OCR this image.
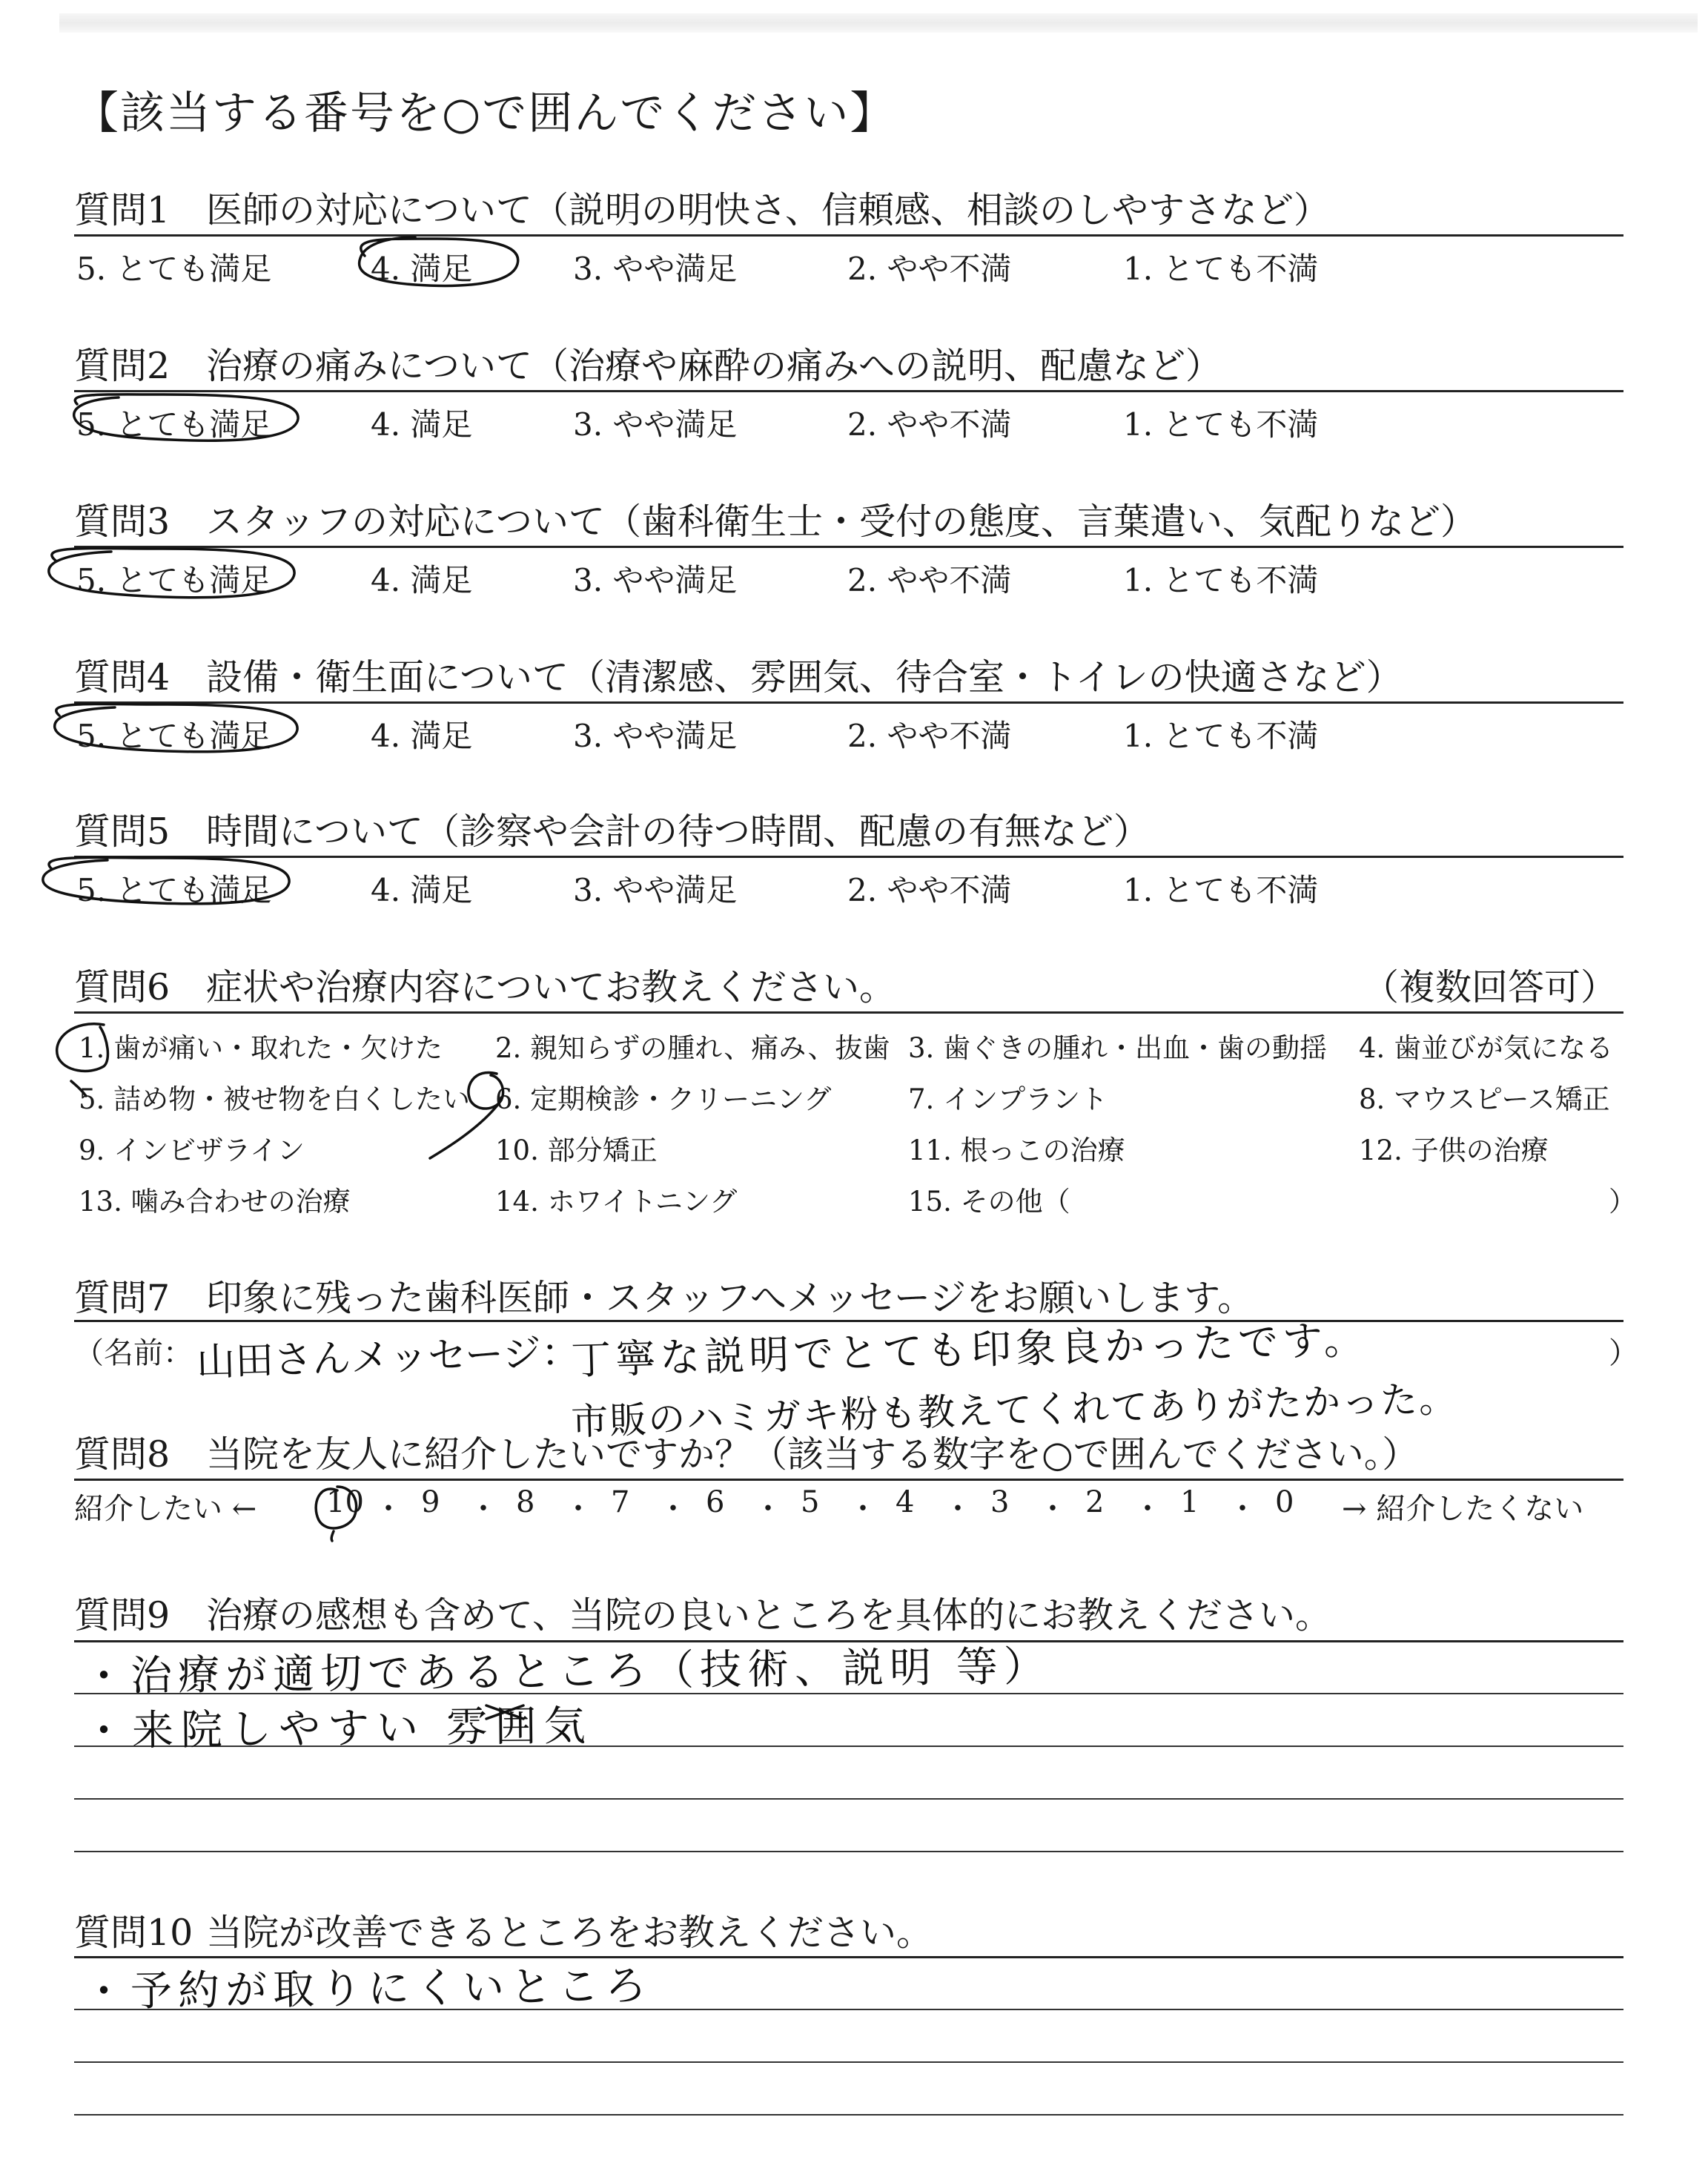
【該当する番号を○で囲んでください】
質問1 医師の対応について（説明の明快さ、信頼感、相談のしやすさなど）
5. とても満足	4. 満足	3. やや満足	2. やや不満	1. とても不満
質問2 治療の痛みについて（治療や麻酔の痛みへの説明、配慮など）
5. とても満足	4. 満足	3. やや満足	2. やや不満	1. とても不満
質問3 スタッフの対応について（歯科衛生士・受付の態度、言葉遣い、気配りなど）
5. とても満足	4. 満足	3. やや満足	2. やや不満	1. とても不満
質問4 設備・衛生面について（清潔感、雰囲気、待合室・トイレの快適さなど）
5. とても満足	4. 満足	3. やや満足	2. やや不満	1. とても不満
質問5 時間について（診察や会計の待つ時間、配慮の有無など）
5. とても満足	4. 満足	3. やや満足	2. やや不満	1. とても不満
質問6 症状や治療内容についてお教えください。	（複数回答可）
1. 歯が痛い・取れた・欠けた 2. 親知らずの腫れ、痛み、抜歯 3. 歯ぐきの腫れ・出血・歯の動揺 4. 歯並びが気になる
5. 詰め物・被せ物を白くしたい 6. 定期検診・クリーニング	7. インプラント	8. マウスピース矯正
9. インビザライン	10. 部分矯正	11. 根っこの治療	12. 子供の治療
13. 噛み合わせの治療	14. ホワイトニング	15. その他（	）
質問7 印象に残った歯科医師・スタッフへメッセージをお願いします。
（名前：	）
山田さんメッセージ：
丁寧な説明でとても印象良かったです。
市販のハミガキ粉も教えてくれてありがたかった。
質問8 当院を友人に紹介したいですか？（該当する数字を○で囲んでください。）
紹介したい ←	→ 紹介したくない
10 ・ 9 ・ 8 ・ 7 ・ 6 ・ 5 ・ 4 ・ 3 ・ 2 ・ 1 ・ 0
質問9 治療の感想も含めて、当院の良いところを具体的にお教えください。
・治療が適切であるところ（技術、説明 等）
・来院しやすい 雰囲気
質問10 当院が改善できるところをお教えください。
・予約が取りにくいところ
